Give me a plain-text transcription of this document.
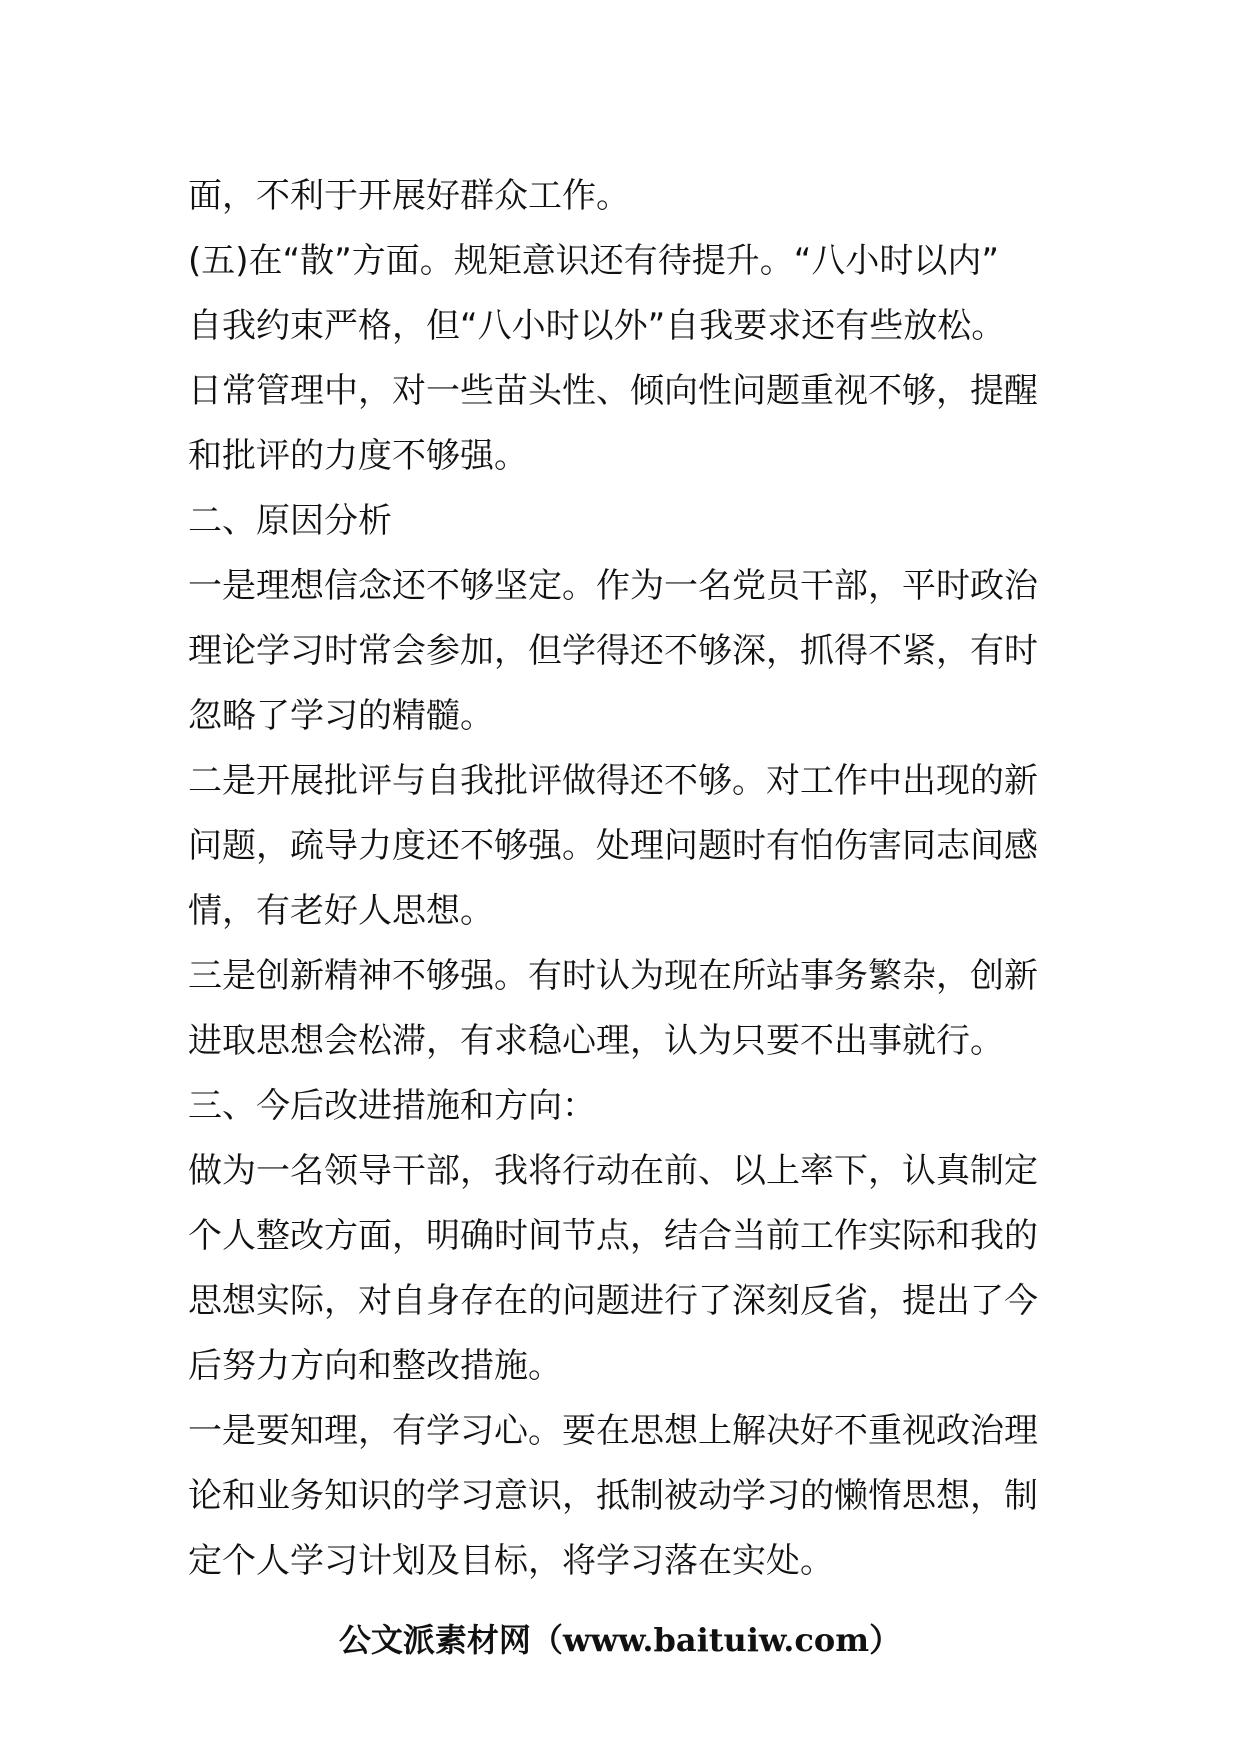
面，不利于开展好群众工作。
(五)在“散”方面。规矩意识还有待提升。“八小时以内”
自我约束严格，但“八小时以外”自我要求还有些放松。
日常管理中，对一些苗头性、倾向性问题重视不够，提醒
和批评的力度不够强。
二、原因分析
一是理想信念还不够坚定。作为一名党员干部，平时政治
理论学习时常会参加，但学得还不够深，抓得不紧，有时
忽略了学习的精髓。
二是开展批评与自我批评做得还不够。对工作中出现的新
问题，疏导力度还不够强。处理问题时有怕伤害同志间感
情，有老好人思想。
三是创新精神不够强。有时认为现在所站事务繁杂，创新
进取思想会松滞，有求稳心理，认为只要不出事就行。
三、今后改进措施和方向：
做为一名领导干部，我将行动在前、以上率下，认真制定
个人整改方面，明确时间节点，结合当前工作实际和我的
思想实际，对自身存在的问题进行了深刻反省，提出了今
后努力方向和整改措施。
一是要知理，有学习心。要在思想上解决好不重视政治理
论和业务知识的学习意识，抵制被动学习的懒惰思想，制
定个人学习计划及目标，将学习落在实处。
公文派素材网（www.baituiw.com）
